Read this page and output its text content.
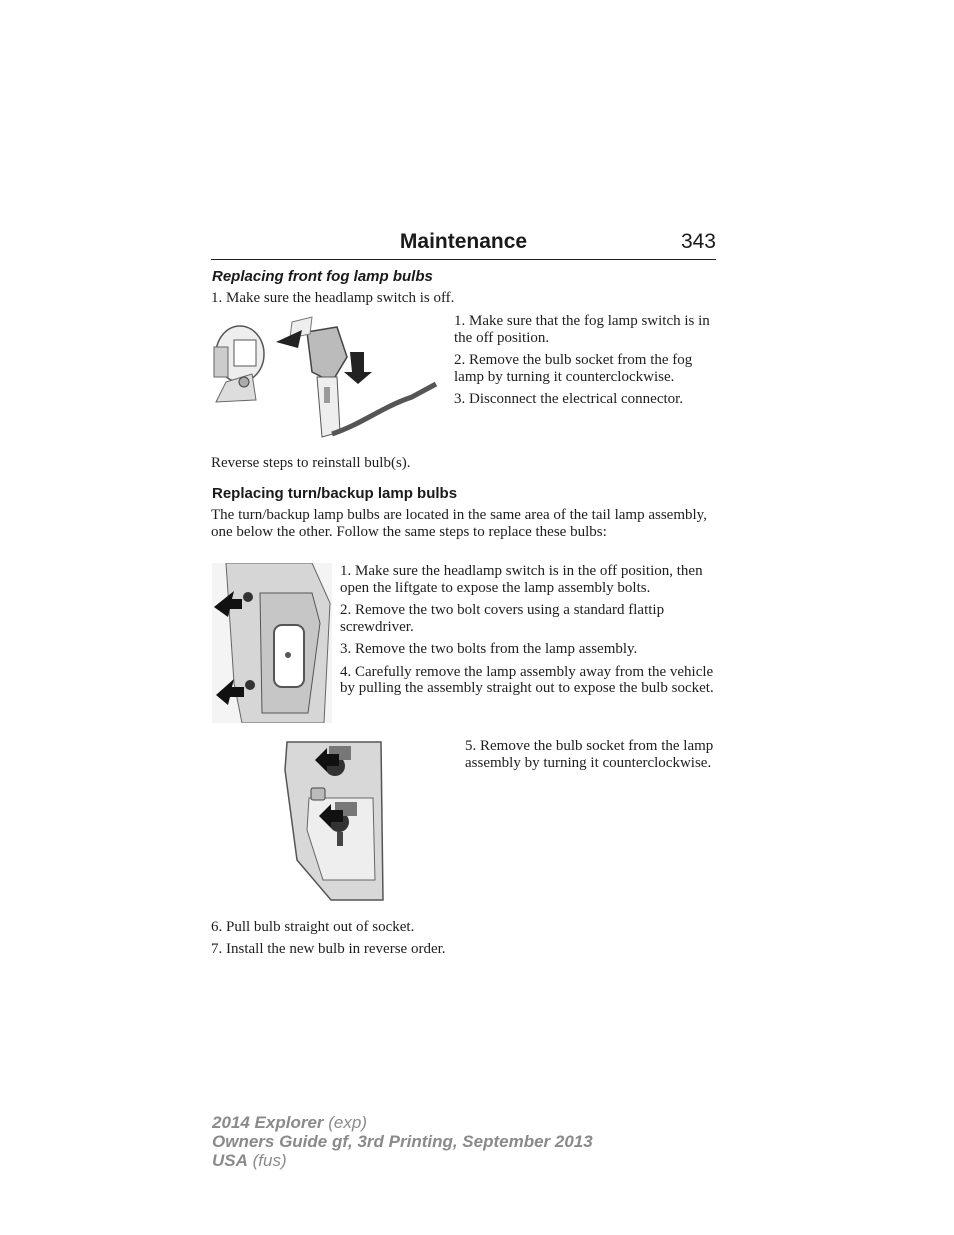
Maintenance	343
Replacing front fog lamp bulbs
1. Make sure the headlamp switch is off.

1. Make sure that the fog lamp switch is in the off position.

2. Remove the bulb socket from the fog lamp by turning it counterclockwise.

3. Disconnect the electrical connector.

Reverse steps to reinstall bulb(s).
Replacing turn/backup lamp bulbs
The turn/backup lamp bulbs are located in the same area of the tail lamp assembly, one below the other. Follow the same steps to replace these bulbs:

1. Make sure the headlamp switch is in the off position, then open the liftgate to expose the lamp assembly bolts.

2. Remove the two bolt covers using a standard flattip screwdriver.

3. Remove the two bolts from the lamp assembly.

4. Carefully remove the lamp assembly away from the vehicle by pulling the assembly straight out to expose the bulb socket.

5. Remove the bulb socket from the lamp assembly by turning it counterclockwise.
6. Pull bulb straight out of socket.
7. Install the new bulb in reverse order.
2014 Explorer (exp)
Owners Guide gf, 3rd Printing, September 2013
USA (fus)
